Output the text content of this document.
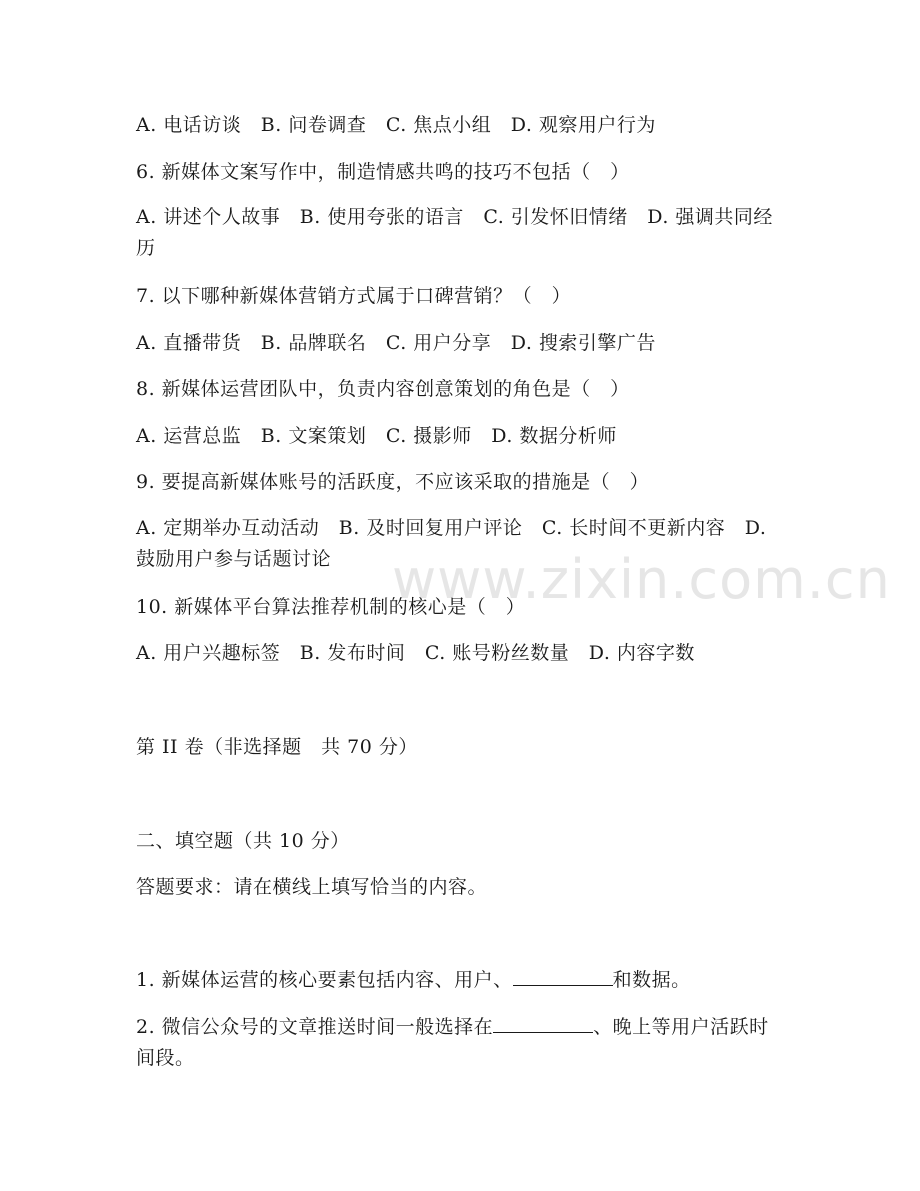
www.zixin.com.cn
A. 电话访谈　B. 问卷调查　C. 焦点小组　D. 观察用户行为
6. 新媒体文案写作中，制造情感共鸣的技巧不包括（　）
A. 讲述个人故事　B. 使用夸张的语言　C. 引发怀旧情绪　D. 强调共同经历
7. 以下哪种新媒体营销方式属于口碑营销？（　）
A. 直播带货　B. 品牌联名　C. 用户分享　D. 搜索引擎广告
8. 新媒体运营团队中，负责内容创意策划的角色是（　）
A. 运营总监　B. 文案策划　C. 摄影师　D. 数据分析师
9. 要提高新媒体账号的活跃度，不应该采取的措施是（　）
A. 定期举办互动活动　B. 及时回复用户评论　C. 长时间不更新内容　D. 鼓励用户参与话题讨论
10. 新媒体平台算法推荐机制的核心是（　）
A. 用户兴趣标签　B. 发布时间　C. 账号粉丝数量　D. 内容字数
第 II 卷（非选择题　共 70 分）
二、填空题（共 10 分）
答题要求：请在横线上填写恰当的内容。
1. 新媒体运营的核心要素包括内容、用户、	和数据。
2. 微信公众号的文章推送时间一般选择在	、晚上等用户活跃时间段。
